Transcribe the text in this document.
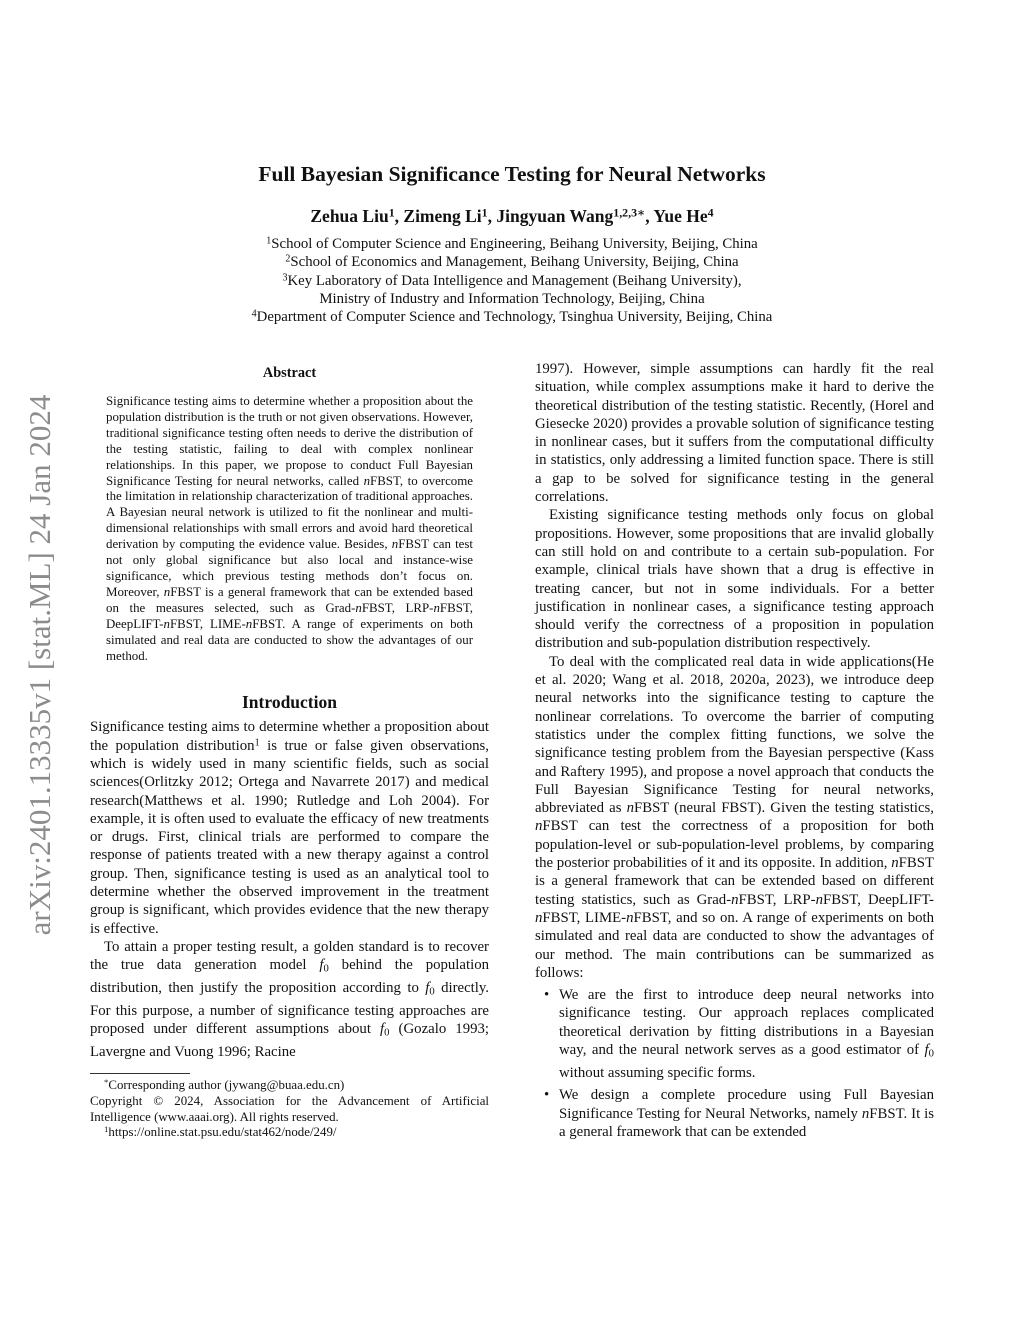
arXiv:2401.13335v1 [stat.ML] 24 Jan 2024
Full Bayesian Significance Testing for Neural Networks
Zehua Liu$^1$, Zimeng Li$^1$, Jingyuan Wang$^{1,2,3∗}$, Yue He$^4$
$^1$School of Computer Science and Engineering, Beihang University, Beijing, China
$^2$School of Economics and Management, Beihang University, Beijing, China
$^3$Key Laboratory of Data Intelligence and Management (Beihang University),
Ministry of Industry and Information Technology, Beijing, China
$^4$Department of Computer Science and Technology, Tsinghua University, Beijing, China
Abstract
Significance testing aims to determine whether a proposition about the population distribution is the truth or not given observations. However, traditional significance testing often needs to derive the distribution of the testing statistic, failing to deal with complex nonlinear relationships. In this paper, we propose to conduct Full Bayesian Significance Testing for neural networks, called nFBST, to overcome the limitation in relationship characterization of traditional approaches. A Bayesian neural network is utilized to fit the nonlinear and multi-dimensional relationships with small errors and avoid hard theoretical derivation by computing the evidence value. Besides, nFBST can test not only global significance but also local and instance-wise significance, which previous testing methods don’t focus on. Moreover, nFBST is a general framework that can be extended based on the measures selected, such as Grad-nFBST, LRP-nFBST, DeepLIFT-nFBST, LIME-nFBST. A range of experiments on both simulated and real data are conducted to show the advantages of our method.
Introduction

Significance testing aims to determine whether a proposition about the population distribution$^1$ is true or false given observations, which is widely used in many scientific fields, such as social sciences(Orlitzky 2012; Ortega and Navarrete 2017) and medical research(Matthews et al. 1990; Rutledge and Loh 2004). For example, it is often used to evaluate the efficacy of new treatments or drugs. First, clinical trials are performed to compare the response of patients treated with a new therapy against a control group. Then, significance testing is used as an analytical tool to determine whether the observed improvement in the treatment group is significant, which provides evidence that the new therapy is effective.

To attain a proper testing result, a golden standard is to recover the true data generation model $f_0$ behind the population distribution, then justify the proposition according to $f_0$ directly. For this purpose, a number of significance testing approaches are proposed under different assumptions about $f_0$ (Gozalo 1993; Lavergne and Vuong 1996; Racine

*Corresponding author (jywang@buaa.edu.cn)
Copyright © 2024, Association for the Advancement of Artificial Intelligence (www.aaai.org). All rights reserved.
$^1$https://online.stat.psu.edu/stat462/node/249/

1997). However, simple assumptions can hardly fit the real situation, while complex assumptions make it hard to derive the theoretical distribution of the testing statistic. Recently, (Horel and Giesecke 2020) provides a provable solution of significance testing in nonlinear cases, but it suffers from the computational difficulty in statistics, only addressing a limited function space. There is still a gap to be solved for significance testing in the general correlations.

Existing significance testing methods only focus on global propositions. However, some propositions that are invalid globally can still hold on and contribute to a certain sub-population. For example, clinical trials have shown that a drug is effective in treating cancer, but not in some individuals. For a better justification in nonlinear cases, a significance testing approach should verify the correctness of a proposition in population distribution and sub-population distribution respectively.

To deal with the complicated real data in wide applications(He et al. 2020; Wang et al. 2018, 2020a, 2023), we introduce deep neural networks into the significance testing to capture the nonlinear correlations. To overcome the barrier of computing statistics under the complex fitting functions, we solve the significance testing problem from the Bayesian perspective (Kass and Raftery 1995), and propose a novel approach that conducts the Full Bayesian Significance Testing for neural networks, abbreviated as nFBST (neural FBST). Given the testing statistics, nFBST can test the correctness of a proposition for both population-level or sub-population-level problems, by comparing the posterior probabilities of it and its opposite. In addition, nFBST is a general framework that can be extended based on different testing statistics, such as Grad-nFBST, LRP-nFBST, DeepLIFT-nFBST, LIME-nFBST, and so on. A range of experiments on both simulated and real data are conducted to show the advantages of our method. The main contributions can be summarized as follows:

• We are the first to introduce deep neural networks into significance testing. Our approach replaces complicated theoretical derivation by fitting distributions in a Bayesian way, and the neural network serves as a good estimator of $f_0$ without assuming specific forms.
• We design a complete procedure using Full Bayesian Significance Testing for Neural Networks, namely nFBST. It is a general framework that can be extended
